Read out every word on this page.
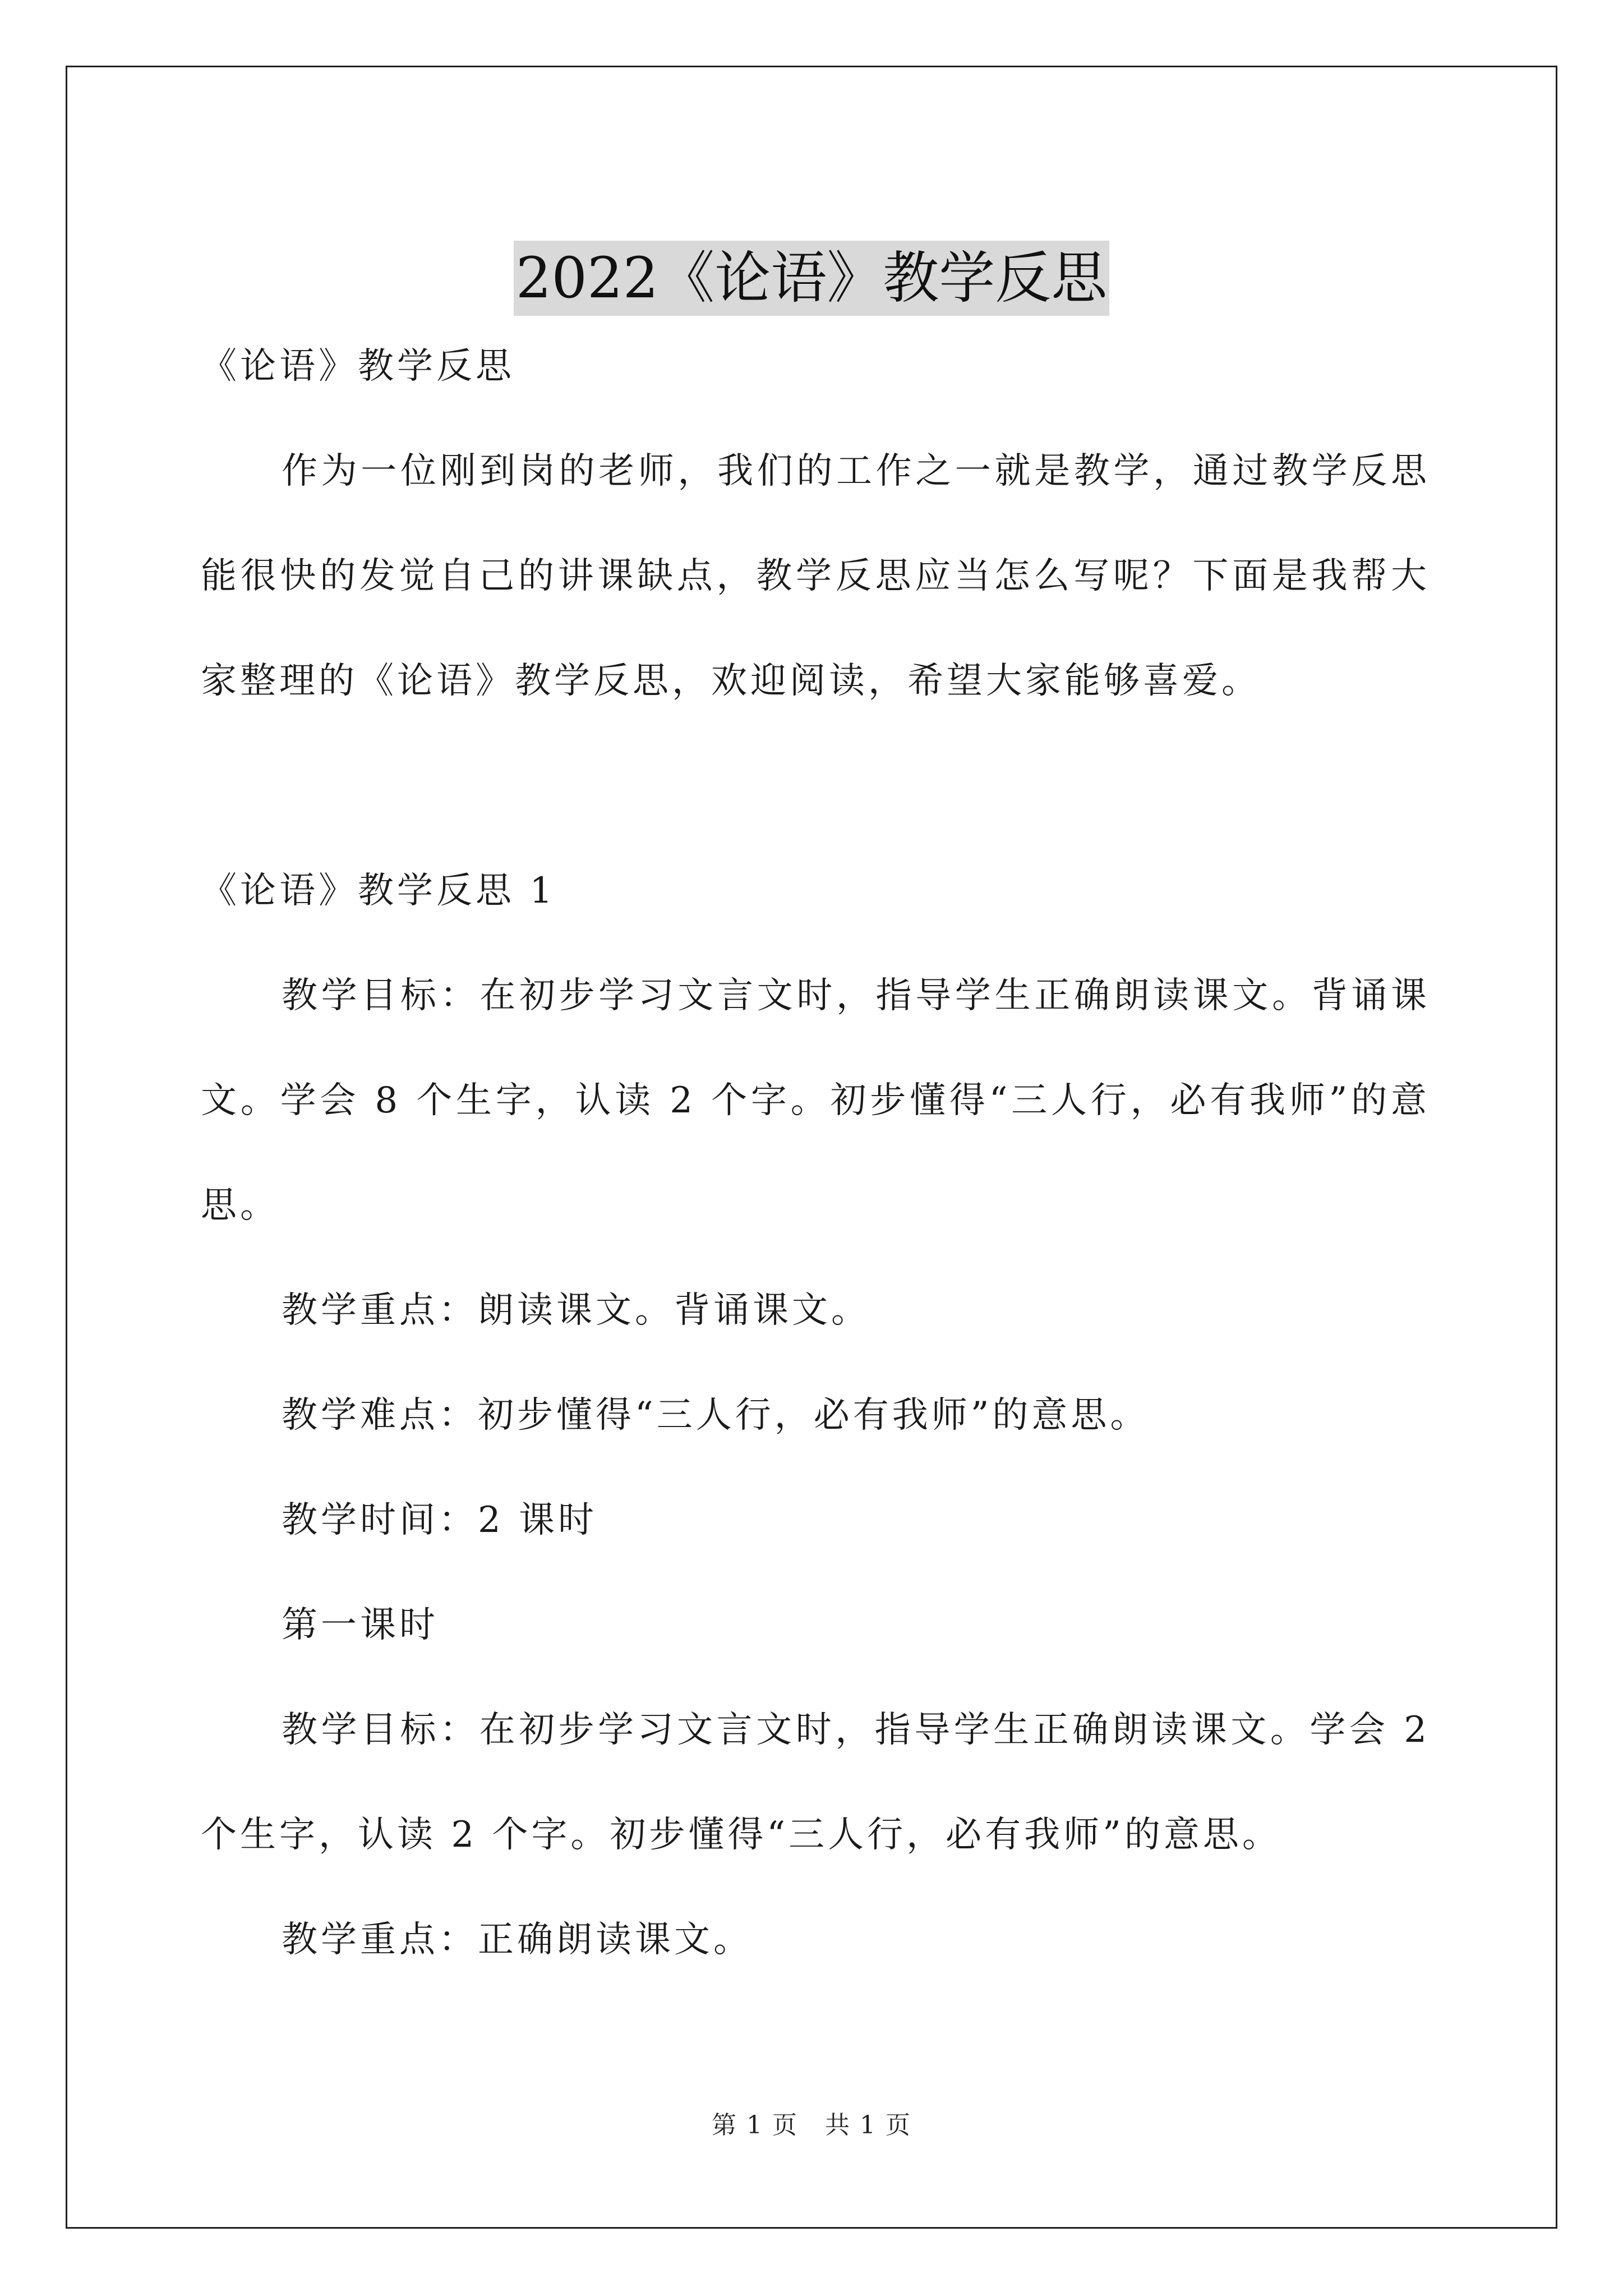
2022《论语》教学反思

《论语》教学反思

作为一位刚到岗的老师，我们的工作之一就是教学，通过教学反思能很快的发觉自己的讲课缺点，教学反思应当怎么写呢？下面是我帮大家整理的《论语》教学反思，欢迎阅读，希望大家能够喜爱。

《论语》教学反思 1

教学目标：在初步学习文言文时，指导学生正确朗读课文。背诵课文。学会 8 个生字，认读 2 个字。初步懂得“三人行，必有我师”的意思。

教学重点：朗读课文。背诵课文。

教学难点：初步懂得“三人行，必有我师”的意思。

教学时间：2 课时

第一课时

教学目标：在初步学习文言文时，指导学生正确朗读课文。学会 2 个生字，认读 2 个字。初步懂得“三人行，必有我师”的意思。

教学重点：正确朗读课文。

第 1 页 共 1 页
